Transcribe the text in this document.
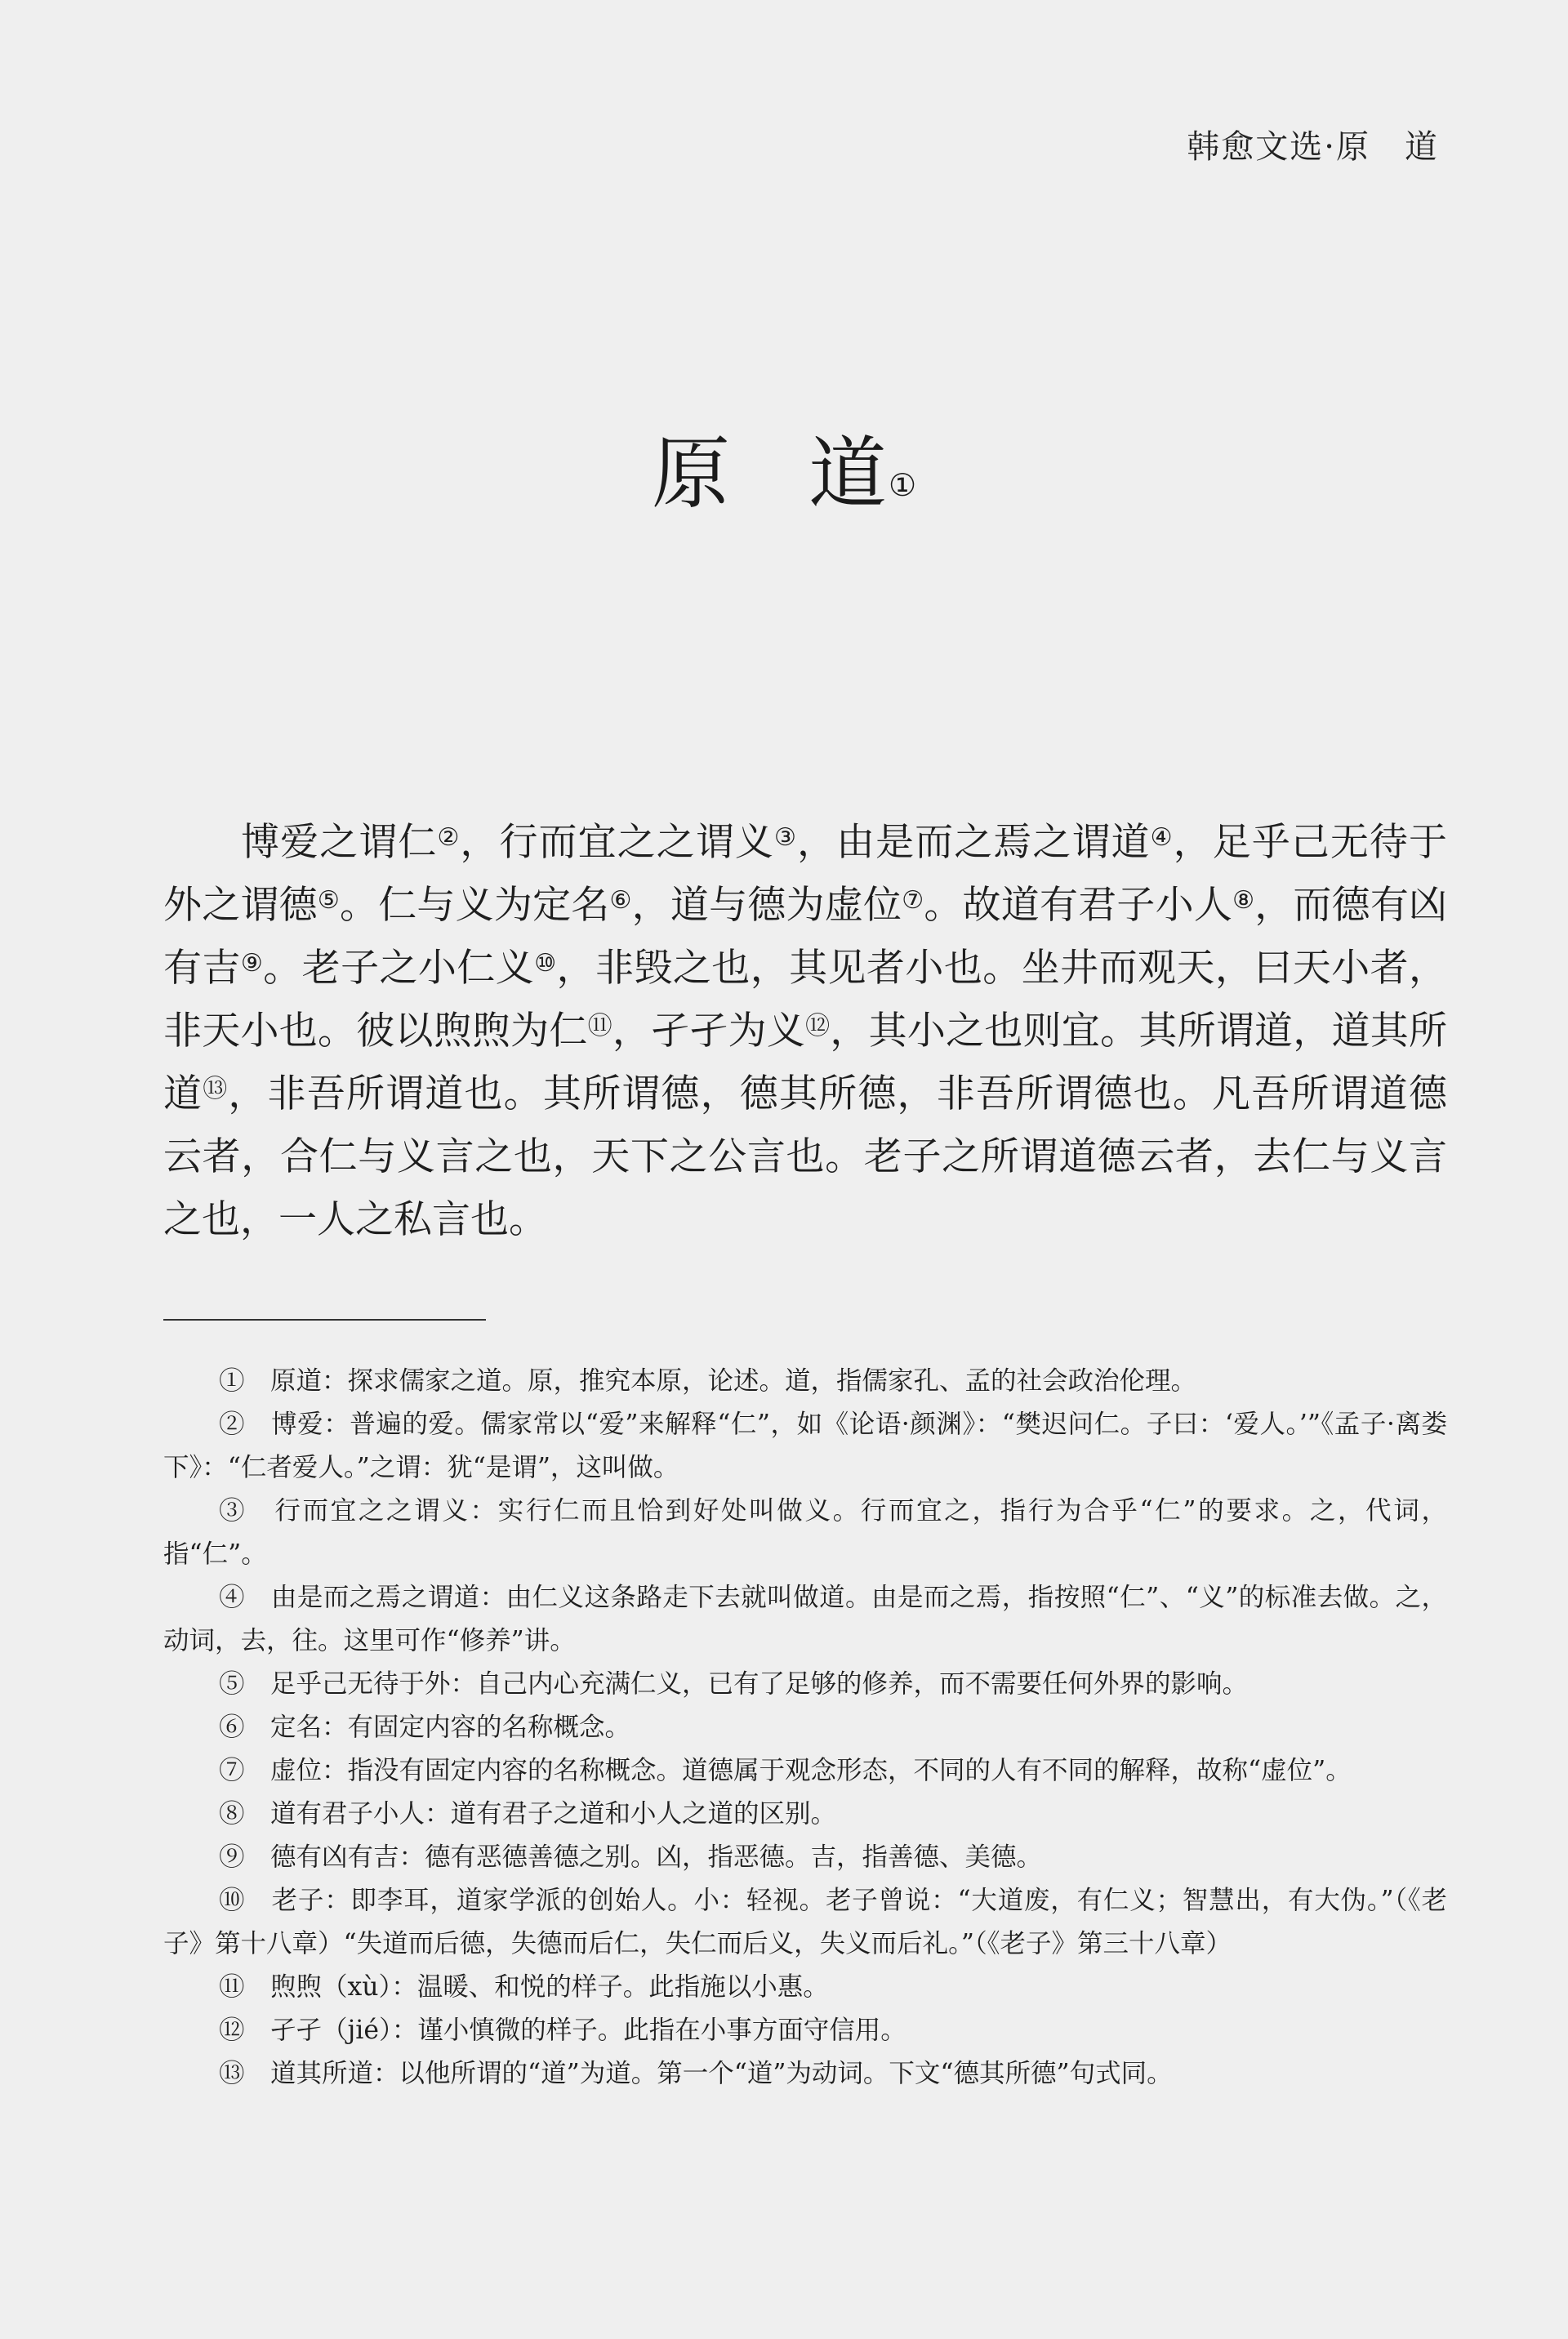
韩愈文选·原　道
原　道①

博爱之谓仁②，行而宜之之谓义③，由是而之焉之谓道④，足乎己无待于外之谓德⑤。仁与义为定名⑥，道与德为虚位⑦。故道有君子小人⑧，而德有凶有吉⑨。老子之小仁义⑩，非毁之也，其见者小也。坐井而观天，曰天小者，非天小也。彼以煦煦为仁⑪，孑孑为义⑫，其小之也则宜。其所谓道，道其所道⑬，非吾所谓道也。其所谓德，德其所德，非吾所谓德也。凡吾所谓道德云者，合仁与义言之也，天下之公言也。老子之所谓道德云者，去仁与义言之也，一人之私言也。

①　原道：探求儒家之道。原，推究本原，论述。道，指儒家孔、孟的社会政治伦理。

②　博爱：普遍的爱。儒家常以“爱”来解释“仁”，如《论语·颜渊》：“樊迟问仁。子曰：‘爱人。’”《孟子·离娄下》：“仁者爱人。”之谓：犹“是谓”，这叫做。

③　行而宜之之谓义：实行仁而且恰到好处叫做义。行而宜之，指行为合乎“仁”的要求。之，代词，指“仁”。

④　由是而之焉之谓道：由仁义这条路走下去就叫做道。由是而之焉，指按照“仁”、“义”的标准去做。之，动词，去，往。这里可作“修养”讲。

⑤　足乎己无待于外：自己内心充满仁义，已有了足够的修养，而不需要任何外界的影响。

⑥　定名：有固定内容的名称概念。

⑦　虚位：指没有固定内容的名称概念。道德属于观念形态，不同的人有不同的解释，故称“虚位”。

⑧　道有君子小人：道有君子之道和小人之道的区别。

⑨　德有凶有吉：德有恶德善德之别。凶，指恶德。吉，指善德、美德。

⑩　老子：即李耳，道家学派的创始人。小：轻视。老子曾说：“大道废，有仁义；智慧出，有大伪。”（《老子》第十八章）“失道而后德，失德而后仁，失仁而后义，失义而后礼。”（《老子》第三十八章）

⑪　煦煦（xù）：温暖、和悦的样子。此指施以小惠。

⑫　孑孑（jié）：谨小慎微的样子。此指在小事方面守信用。

⑬　道其所道：以他所谓的“道”为道。第一个“道”为动词。下文“德其所德”句式同。
